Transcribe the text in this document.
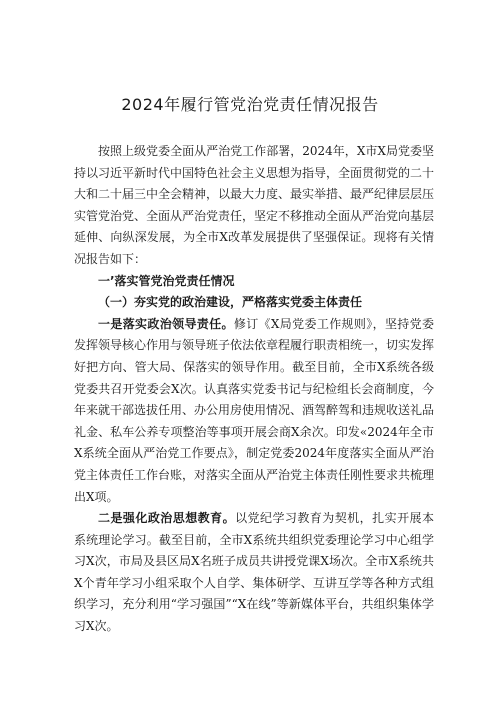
2024年履行管党治党责任情况报告

按照上级党委全面从严治党工作部署，2024年，X市X局党委坚持以习近平新时代中国特色社会主义思想为指导，全面贯彻党的二十大和二十届三中全会精神，以最大力度、最实举措、最严纪律层层压实管党治党、全面从严治党责任，坚定不移推动全面从严治党向基层延伸、向纵深发展，为全市X改革发展提供了坚强保证。现将有关情况报告如下：

一’落实管党治党责任情况

（一）夯实党的政治建设，严格落实党委主体责任

一是落实政治领导责任。修订《X局党委工作规则》，坚持党委发挥领导核心作用与领导班子依法依章程履行职责相统一，切实发挥好把方向、管大局、保落实的领导作用。截至目前，全市X系统各级党委共召开党委会X次。认真落实党委书记与纪检组长会商制度，今年来就干部选拔任用、办公用房使用情况、酒驾醉驾和违规收送礼品礼金、私车公养专项整治等事项开展会商X余次。印发«2024年全市X系统全面从严治党工作要点》，制定党委2024年度落实全面从严治党主体责任工作台账，对落实全面从严治党主体责任刚性要求共梳理出X项。

二是强化政治思想教育。以党纪学习教育为契机，扎实开展本系统理论学习。截至目前，全市X系统共组织党委理论学习中心组学习X次，市局及县区局X名班子成员共讲授党课X场次。全市X系统共X个青年学习小组采取个人自学、集体研学、互讲互学等各种方式组织学习，充分利用“学习强国”“X在线”等新媒体平台，共组织集体学习X次。
